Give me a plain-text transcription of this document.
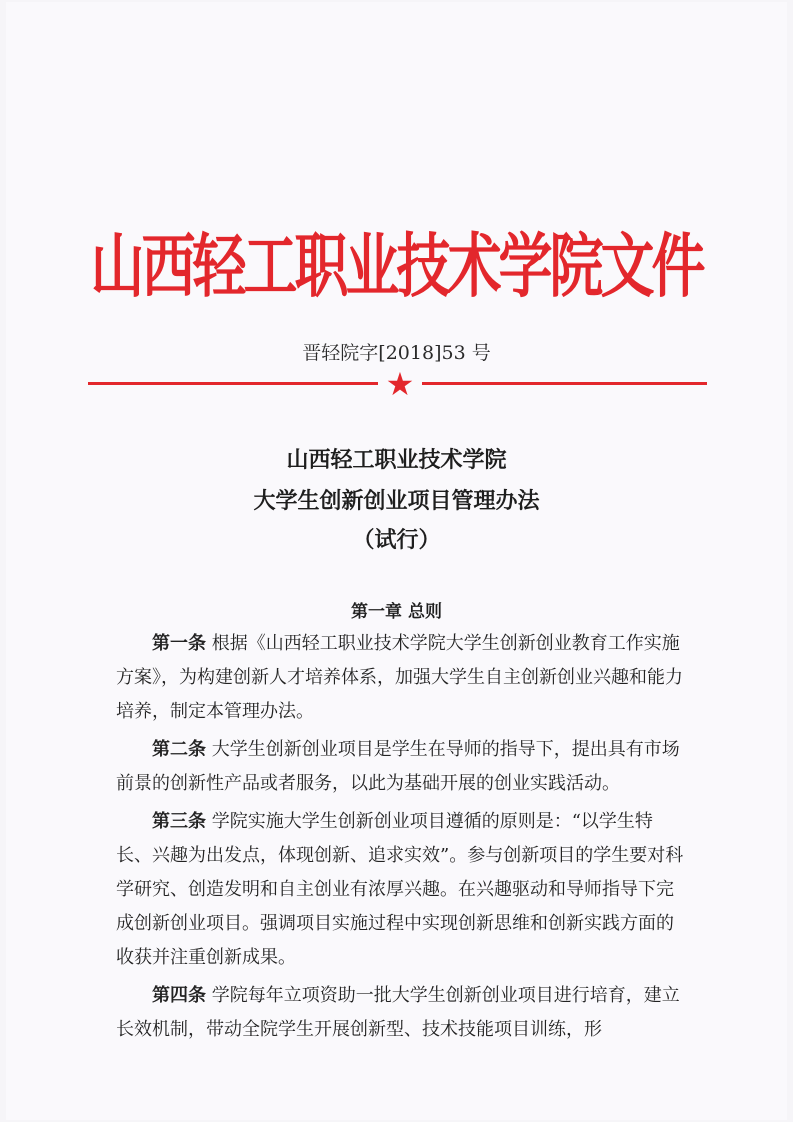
山西轻工职业技术学院文件
晋轻院字[2018]53 号
★
山西轻工职业技术学院
大学生创新创业项目管理办法
（试行）
第一章 总则

第一条 根据《山西轻工职业技术学院大学生创新创业教育工作实施方案》，为构建创新人才培养体系，加强大学生自主创新创业兴趣和能力培养，制定本管理办法。

第二条 大学生创新创业项目是学生在导师的指导下，提出具有市场前景的创新性产品或者服务，以此为基础开展的创业实践活动。

第三条 学院实施大学生创新创业项目遵循的原则是：“以学生特长、兴趣为出发点，体现创新、追求实效”。参与创新项目的学生要对科学研究、创造发明和自主创业有浓厚兴趣。在兴趣驱动和导师指导下完成创新创业项目。强调项目实施过程中实现创新思维和创新实践方面的收获并注重创新成果。

第四条 学院每年立项资助一批大学生创新创业项目进行培育，建立长效机制，带动全院学生开展创新型、技术技能项目训练，形
